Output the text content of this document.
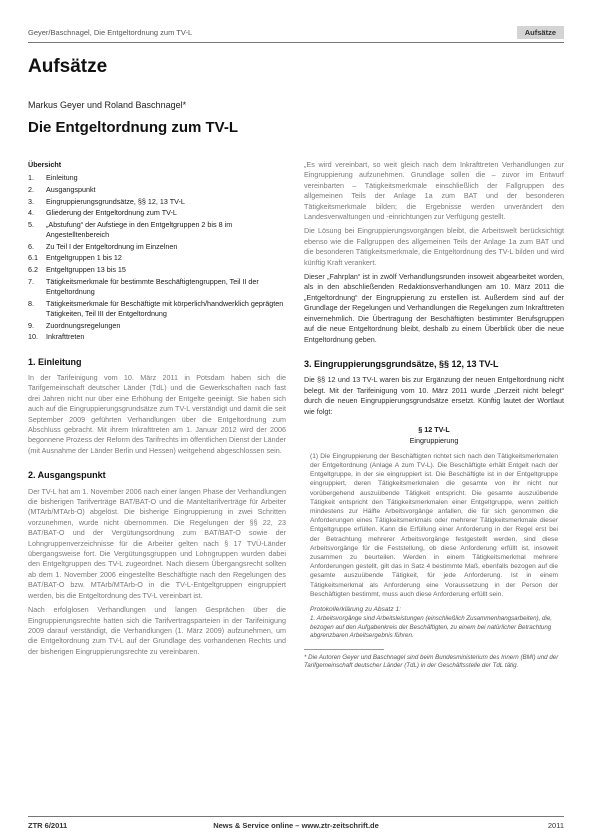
Geyer/Baschnagel, Die Entgeltordnung zum TV-L	Aufsätze
Aufsätze
Markus Geyer und Roland Baschnagel*
Die Entgeltordnung zum TV-L
Übersicht
1.	Einleitung
2.	Ausgangspunkt
3.	Eingruppierungsgrundsätze, §§ 12, 13 TV-L
4.	Gliederung der Entgeltordnung zum TV-L
5.	„Abstufung“ der Aufstiege in den Entgeltgruppen 2 bis 8 im Angestelltenbereich
6.	Zu Teil I der Entgeltordnung im Einzelnen
6.1	Entgeltgruppen 1 bis 12
6.2	Entgeltgruppen 13 bis 15
7.	Tätigkeitsmerkmale für bestimmte Beschäftigtengruppen, Teil II der Entgeltordnung
8.	Tätigkeitsmerkmale für Beschäftigte mit körperlich/handwerklich geprägten Tätigkeiten, Teil III der Entgeltordnung
9.	Zuordnungsregelungen
10.	Inkrafttreten
1. Einleitung

In der Tarifeinigung vom 10. März 2011 in Potsdam haben sich die Tarifgemeinschaft deutscher Länder (TdL) und die Gewerkschaften nach fast drei Jahren nicht nur über eine Erhöhung der Entgelte geeinigt. Sie haben sich auch auf die Eingruppierungsgrundsätze zum TV-L verständigt und damit die seit September 2009 geführten Verhandlungen über die Entgeltordnung zum Abschluss gebracht. Mit ihrem Inkrafttreten am 1. Januar 2012 wird der 2006 begonnene Prozess der Reform des Tarifrechts im öffentlichen Dienst der Länder (mit Ausnahme der Länder Berlin und Hessen) weitgehend abgeschlossen sein.

2. Ausgangspunkt

Der TV-L hat am 1. November 2006 nach einer langen Phase der Verhandlungen die bisherigen Tarifverträge BAT/BAT-O und die Manteltarifverträge für Arbeiter (MTArb/MTArb-O) abgelöst. Die bisherige Eingruppierung in zwei Schritten vorzunehmen, wurde nicht übernommen. Die Regelungen der §§ 22, 23 BAT/BAT-O und der Vergütungsordnung zum BAT/BAT-O sowie der Lohngruppenverzeichnisse für die Arbeiter gelten nach § 17 TVÜ-Länder übergangsweise fort. Die Vergütungsgruppen und Lohngruppen wurden dabei den Entgeltgruppen des TV-L zugeordnet. Nach diesem Übergangsrecht sollten ab dem 1. November 2006 eingestellte Beschäftigte nach den Regelungen des BAT/BAT-O bzw. MTArb/MTArb-O in die TV-L-Entgeltgruppen eingruppiert werden, bis die Entgeltordnung des TV-L vereinbart ist.

Nach erfolglosen Verhandlungen und langen Gesprächen über die Eingruppierungsrechte hatten sich die Tarifvertragsparteien in der Tarifeinigung 2009 darauf verständigt, die Verhandlungen (1. März 2009) aufzunehmen, um die Entgeltordnung zum TV-L auf der Grundlage des vorhandenen Rechts und der bisherigen Eingruppierungsrechte zu vereinbaren.

„Es wird vereinbart, so weit gleich nach dem Inkrafttreten Verhandlungen zur Eingruppierung aufzunehmen. Grundlage sollen die – zuvor im Entwurf vereinbarten – Tätigkeitsmerkmale einschließlich der Fallgruppen des allgemeinen Teils der Anlage 1a zum BAT und der besonderen Tätigkeitsmerkmale bilden; die Ergebnisse werden unverändert den Landesverwaltungen und -einrichtungen zur Verfügung gestellt.

Die Lösung bei Eingruppierungsvorgängen bleibt, die Arbeitswelt berücksichtigt ebenso wie die Fallgruppen des allgemeinen Teils der Anlage 1a zum BAT und die besonderen Tätigkeitsmerkmale, die Entgeltordnung des TV-L bilden und wird künftig Kraft verankert.

Dieser „Fahrplan“ ist in zwölf Verhandlungsrunden insoweit abgearbeitet worden, als in den abschließenden Redaktionsverhandlungen am 10. März 2011 die „Entgeltordnung“ der Eingruppierung zu erstellen ist. Außerdem sind auf der Grundlage der Regelungen und Verhandlungen die Regelungen zum Inkrafttreten einvernehmlich. Die Übertragung der Beschäftigten bestimmter Berufsgruppen auf die neue Entgeltordnung bleibt, deshalb zu einem Überblick über die neue Entgeltordnung geben.

3. Eingruppierungsgrundsätze, §§ 12, 13 TV-L

Die §§ 12 und 13 TV-L waren bis zur Ergänzung der neuen Entgeltordnung nicht belegt. Mit der Tarifeinigung vom 10. März 2011 wurde „Derzeit nicht belegt“ durch die neuen Eingruppierungsgrundsätze ersetzt. Künftig lautet der Wortlaut wie folgt:

§ 12 TV-L
Eingruppierung
(1) Die Eingruppierung der Beschäftigten richtet sich nach den Tätigkeitsmerkmalen der Entgeltordnung (Anlage A zum TV-L). Die Beschäftigte erhält Entgelt nach der Entgeltgruppe, in der sie eingruppiert ist. Die Beschäftigte ist in der Entgeltgruppe eingruppiert, deren Tätigkeitsmerkmalen die gesamte von ihr nicht nur vorübergehend auszuübende Tätigkeit entspricht. Die gesamte auszuübende Tätigkeit entspricht den Tätigkeitsmerkmalen einer Entgeltgruppe, wenn zeitlich mindestens zur Hälfte Arbeitsvorgänge anfallen, die für sich genommen die Anforderungen eines Tätigkeitsmerkmals oder mehrerer Tätigkeitsmerkmale dieser Entgeltgruppe erfüllen. Kann die Erfüllung einer Anforderung in der Regel erst bei der Betrachtung mehrerer Arbeitsvorgänge festgestellt werden, sind diese Arbeitsvorgänge für die Feststellung, ob diese Anforderung erfüllt ist, insoweit zusammen zu beurteilen. Werden in einem Tätigkeitsmerkmal mehrere Anforderungen gestellt, gilt das in Satz 4 bestimmte Maß, ebenfalls bezogen auf die gesamte auszuübende Tätigkeit, für jede Anforderung. Ist in einem Tätigkeitsmerkmal als Anforderung eine Voraussetzung in der Person der Beschäftigten bestimmt, muss auch diese Anforderung erfüllt sein.
Protokollerklärung zu Absatz 1:
1. Arbeitsvorgänge sind Arbeitsleistungen (einschließlich Zusammenhangsarbeiten), die, bezogen auf den Aufgabenkreis der Beschäftigten, zu einem bei natürlicher Betrachtung abgrenzbaren Arbeitsergebnis führen.
* Die Autoren Geyer und Baschnagel sind beim Bundesministerium des Innern (BMI) und der Tarifgemeinschaft deutscher Länder (TdL) in der Geschäftsstelle der TdL tätig.
ZTR 6/2011	News & Service online – www.ztr-zeitschrift.de	2011
